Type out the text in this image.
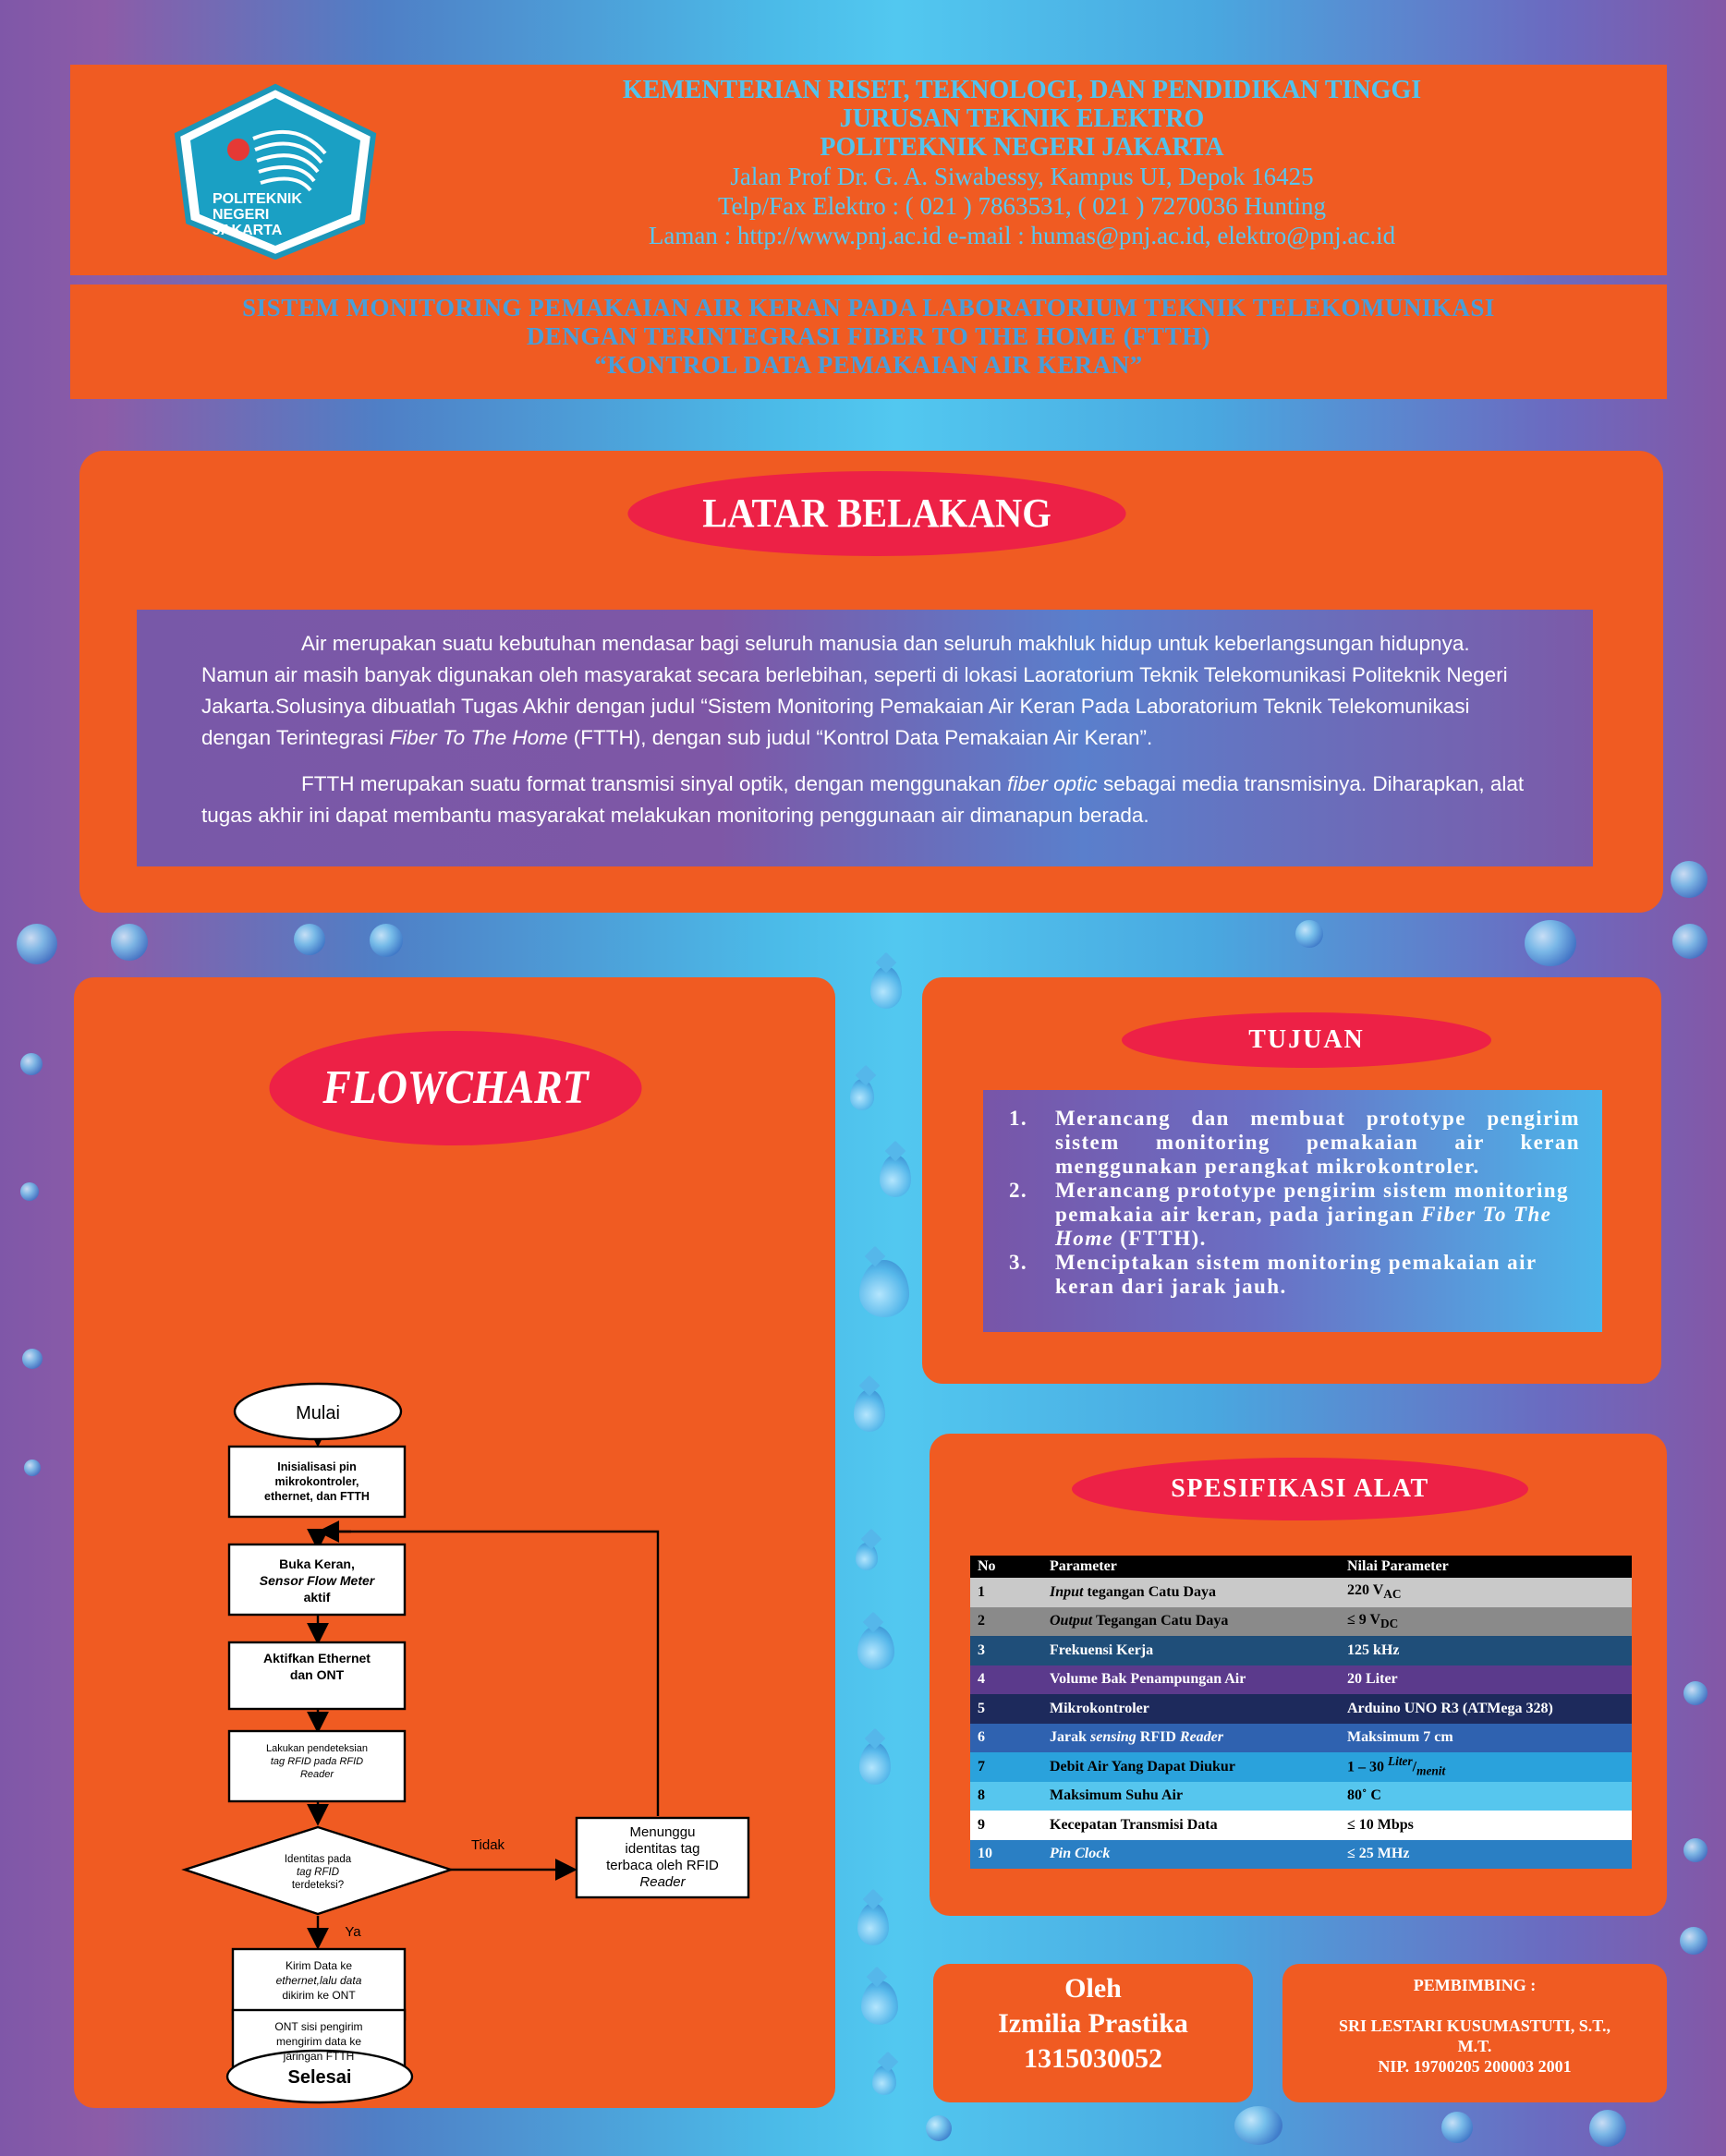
POLITEKNIK
NEGERI
JAKARTA
KEMENTERIAN RISET, TEKNOLOGI, DAN PENDIDIKAN TINGGI
JURUSAN TEKNIK ELEKTRO
POLITEKNIK NEGERI JAKARTA
Jalan Prof Dr. G. A. Siwabessy, Kampus UI, Depok 16425
Telp/Fax Elektro : ( 021 ) 7863531, ( 021 ) 7270036 Hunting
Laman : http://www.pnj.ac.id e-mail : humas@pnj.ac.id, elektro@pnj.ac.id
SISTEM MONITORING PEMAKAIAN AIR KERAN PADA LABORATORIUM TEKNIK TELEKOMUNIKASI
DENGAN TERINTEGRASI FIBER TO THE HOME (FTTH)
“KONTROL DATA PEMAKAIAN AIR KERAN”
LATAR BELAKANG

Air merupakan suatu kebutuhan mendasar bagi seluruh manusia dan seluruh makhluk hidup untuk keberlangsungan hidupnya. Namun air masih banyak digunakan oleh masyarakat secara berlebihan, seperti di lokasi Laoratorium Teknik Telekomunikasi Politeknik Negeri Jakarta.Solusinya dibuatlah Tugas Akhir dengan judul “Sistem Monitoring Pemakaian Air Keran Pada Laboratorium Teknik Telekomunikasi dengan Terintegrasi Fiber To The Home (FTTH), dengan sub judul “Kontrol Data Pemakaian Air Keran”.

FTTH merupakan suatu format transmisi sinyal optik, dengan menggunakan fiber optic sebagai media transmisinya. Diharapkan, alat tugas akhir ini dapat membantu masyarakat melakukan monitoring penggunaan air dimanapun berada.

FLOWCHART
Mulai
Inisialisasi pin
mikrokontroler,
ethernet, dan FTTH
Buka Keran,
Sensor Flow Meter
aktif
Aktifkan Ethernet
dan ONT
Lakukan pendeteksian
tag RFID pada RFID
Reader
Identitas pada
tag RFID
terdeteksi?
Tidak
Ya
Menunggu
identitas tag
terbaca oleh RFID
Reader
Kirim Data ke
ethernet,lalu data
dikirim ke ONT
ONT sisi pengirim
mengirim data ke
jaringan FTTH
Selesai
TUJUAN
1.	Merancang dan membuat prototype pengirim sistem monitoring pemakaian air keran menggunakan perangkat mikrokontroler.
2.	Merancang prototype pengirim sistem monitoring pemakaia air keran, pada jaringan Fiber To The Home (FTTH).
3.	Menciptakan sistem monitoring pemakaian air keran dari jarak jauh.
SPESIFIKASI ALAT
No	Parameter	Nilai Parameter
1	Input tegangan Catu Daya	220 $V_{AC}$
2	Output Tegangan Catu Daya	≤ 9 $V_{DC}$
3	Frekuensi Kerja	125 kHz
4	Volume Bak Penampungan Air	20 Liter
5	Mikrokontroler	Arduino UNO R3 (ATMega 328)
6	Jarak sensing RFID Reader	Maksimum 7 cm
7	Debit Air Yang Dapat Diukur	1 – 30 $^{Liter}/_{menit}$
8	Maksimum Suhu Air	80˚ C
9	Kecepatan Transmisi Data	≤ 10 Mbps
10	Pin Clock	≤ 25 MHz
Oleh
Izmilia Prastika
1315030052
PEMBIMBING :
SRI LESTARI KUSUMASTUTI, S.T.,
M.T.
NIP. 19700205 200003 2001
